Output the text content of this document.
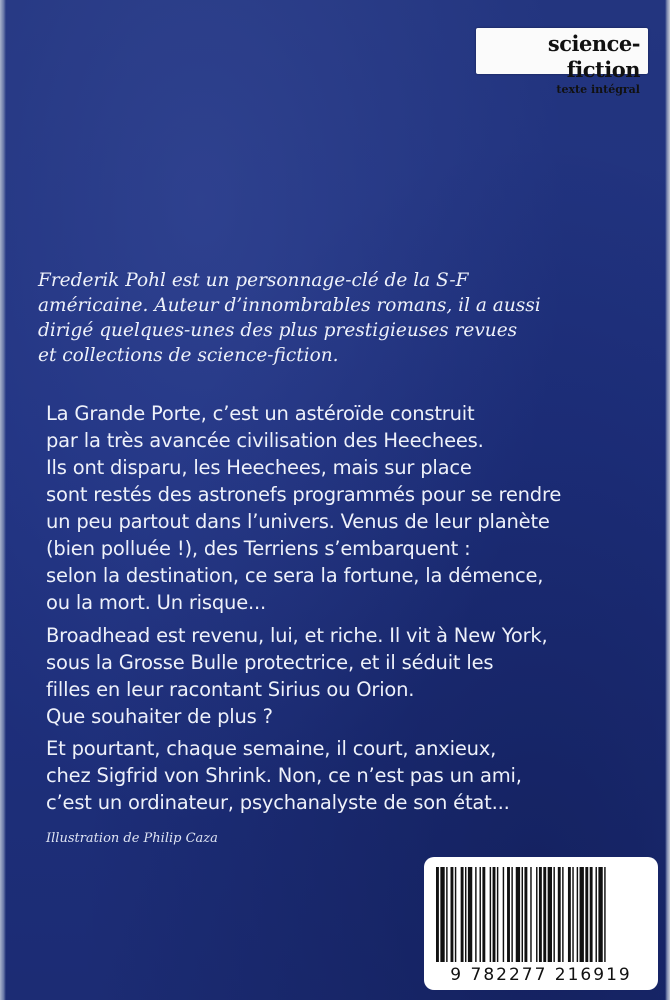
science-fiction
texte intégral

Frederik Pohl est un personnage-clé de la S-F
américaine. Auteur d’innombrables romans, il a aussi
dirigé quelques-unes des plus prestigieuses revues
et collections de science-fiction.

La Grande Porte, c’est un astéroïde construit
par la très avancée civilisation des Heechees.
Ils ont disparu, les Heechees, mais sur place
sont restés des astronefs programmés pour se rendre
un peu partout dans l’univers. Venus de leur planète
(bien polluée !), des Terriens s’embarquent :
selon la destination, ce sera la fortune, la démence,
ou la mort. Un risque...

Broadhead est revenu, lui, et riche. Il vit à New York,
sous la Grosse Bulle protectrice, et il séduit les
filles en leur racontant Sirius ou Orion.
Que souhaiter de plus ?

Et pourtant, chaque semaine, il court, anxieux,
chez Sigfrid von Shrink. Non, ce n’est pas un ami,
c’est un ordinateur, psychanalyste de son état...

Illustration de Philip Caza

9 782277 216919
